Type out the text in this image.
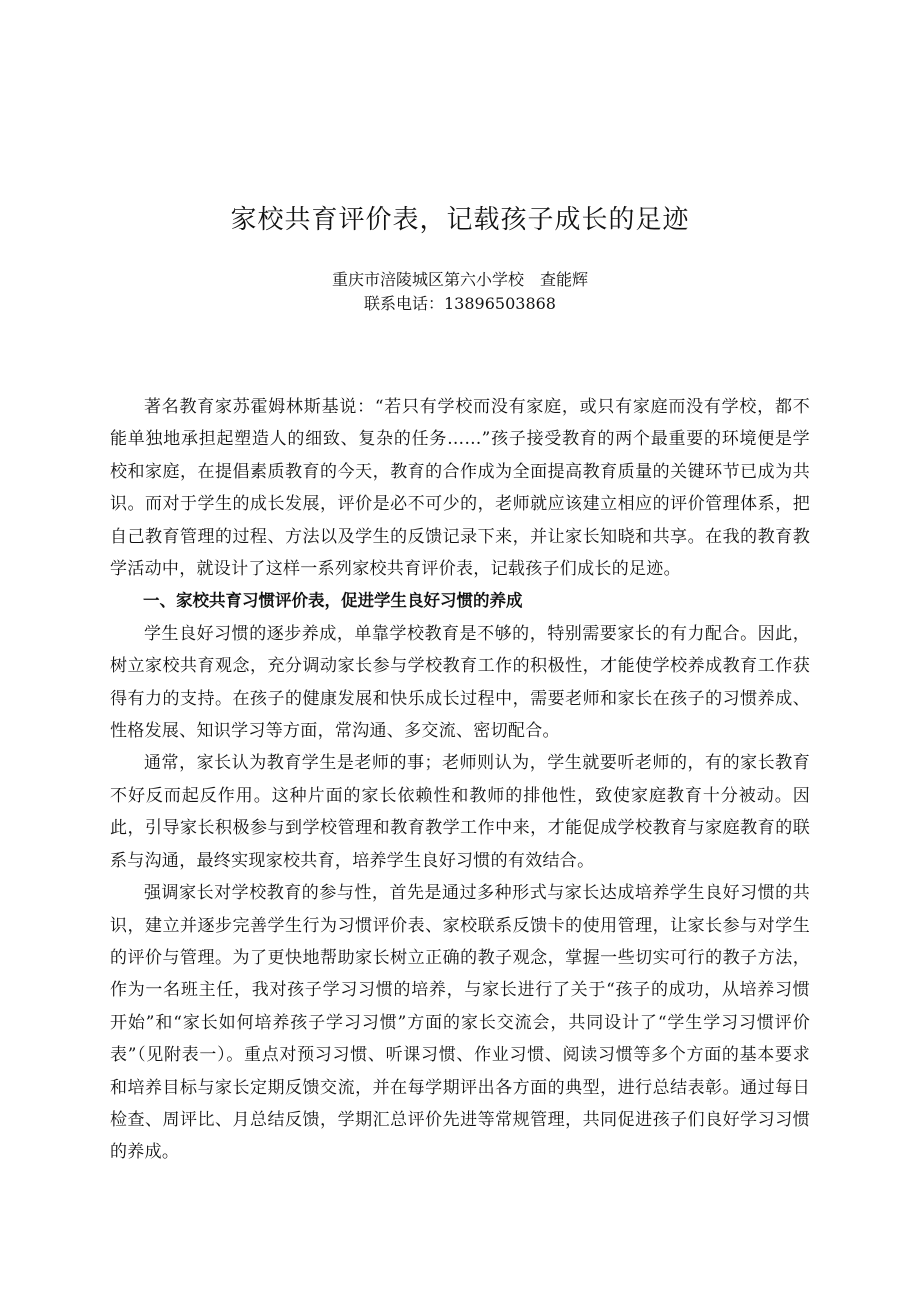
家校共育评价表，记载孩子成长的足迹
重庆市涪陵城区第六小学校　查能辉
联系电话：13896503868

著名教育家苏霍姆林斯基说：“若只有学校而没有家庭，或只有家庭而没有学校，都不能单独地承担起塑造人的细致、复杂的任务……”孩子接受教育的两个最重要的环境便是学校和家庭，在提倡素质教育的今天，教育的合作成为全面提高教育质量的关键环节已成为共识。而对于学生的成长发展，评价是必不可少的，老师就应该建立相应的评价管理体系，把自己教育管理的过程、方法以及学生的反馈记录下来，并让家长知晓和共享。在我的教育教学活动中，就设计了这样一系列家校共育评价表，记载孩子们成长的足迹。

一、家校共育习惯评价表，促进学生良好习惯的养成

学生良好习惯的逐步养成，单靠学校教育是不够的，特别需要家长的有力配合。因此，树立家校共育观念，充分调动家长参与学校教育工作的积极性，才能使学校养成教育工作获得有力的支持。在孩子的健康发展和快乐成长过程中，需要老师和家长在孩子的习惯养成、性格发展、知识学习等方面，常沟通、多交流、密切配合。

通常，家长认为教育学生是老师的事；老师则认为，学生就要听老师的，有的家长教育不好反而起反作用。这种片面的家长依赖性和教师的排他性，致使家庭教育十分被动。因此，引导家长积极参与到学校管理和教育教学工作中来，才能促成学校教育与家庭教育的联系与沟通，最终实现家校共育，培养学生良好习惯的有效结合。

强调家长对学校教育的参与性，首先是通过多种形式与家长达成培养学生良好习惯的共识，建立并逐步完善学生行为习惯评价表、家校联系反馈卡的使用管理，让家长参与对学生的评价与管理。为了更快地帮助家长树立正确的教子观念，掌握一些切实可行的教子方法，作为一名班主任，我对孩子学习习惯的培养，与家长进行了关于“孩子的成功，从培养习惯开始”和“家长如何培养孩子学习习惯”方面的家长交流会，共同设计了“学生学习习惯评价表”（见附表一）。重点对预习习惯、听课习惯、作业习惯、阅读习惯等多个方面的基本要求和培养目标与家长定期反馈交流，并在每学期评出各方面的典型，进行总结表彰。通过每日检查、周评比、月总结反馈，学期汇总评价先进等常规管理，共同促进孩子们良好学习习惯的养成。
